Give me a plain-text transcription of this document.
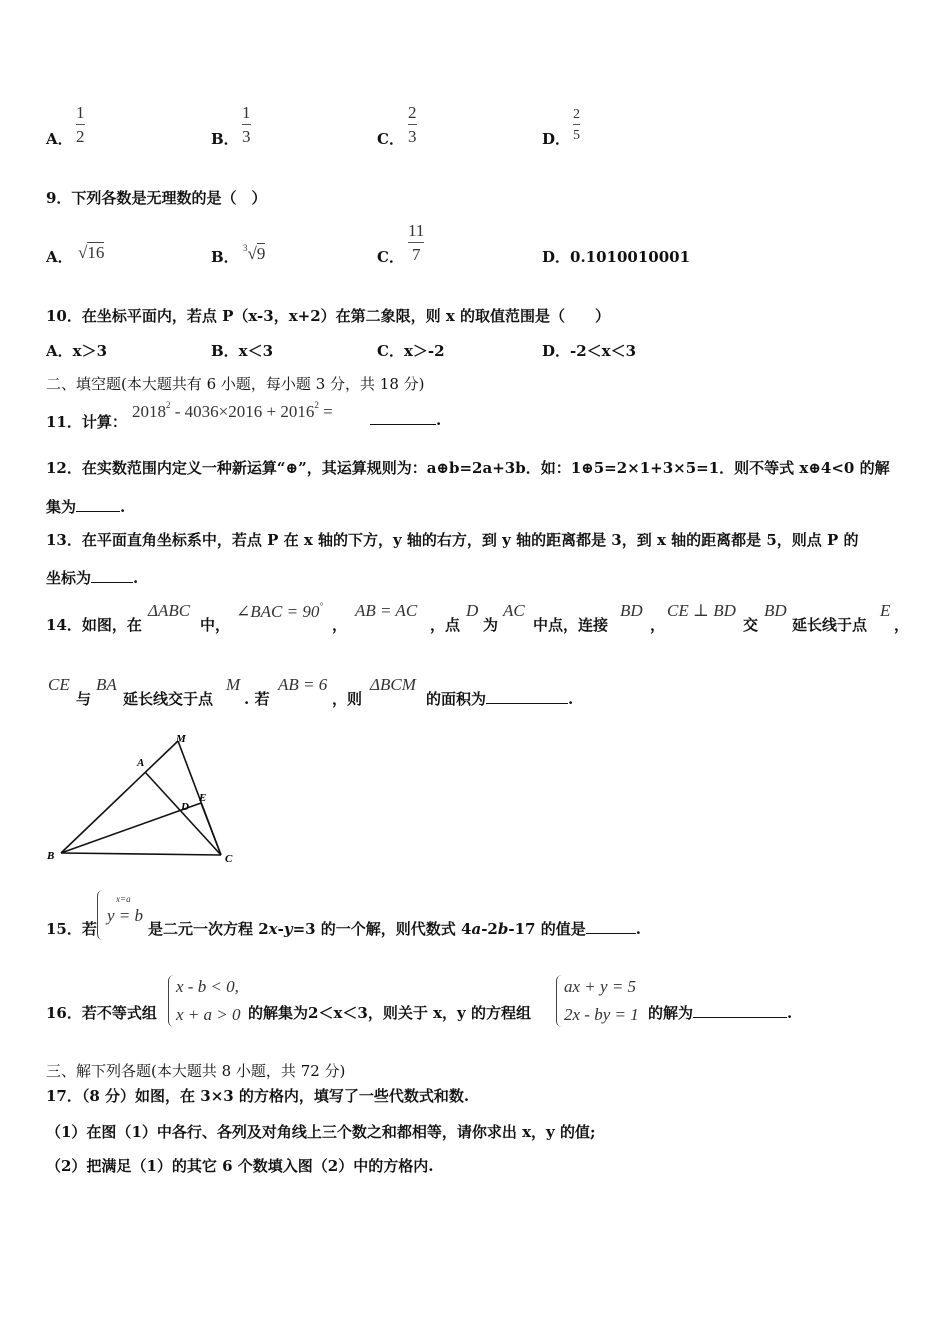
A．
1
2	B．
1
3	C．
2
3	D．
2
5
9．下列各数是无理数的是（　）
A． √16	B． $^3$√9	C．
11
7	D．0.1010010001
10．在坐标平面内，若点 P（x-3，x+2）在第二象限，则 x 的取值范围是（　　）
A．x＞3	B．x＜3	C．x＞-2	D．-2＜x＜3
二、填空题(本大题共有 6 小题，每小题 3 分，共 18 分)
11．计算：
$2018^2 - 4036\times 2016 + 2016^2$ =	.
12．在实数范围内定义一种新运算“⊕”，其运算规则为：a⊕b=2a+3b．如：1⊕5=2×1+3×5=1．则不等式 x⊕4<0 的解
集为	.
13．在平面直角坐标系中，若点 P 在 x 轴的下方，y 轴的右方，到 y 轴的距离都是 3，到 x 轴的距离都是 5，则点 P 的
坐标为	.
14．如图，在
ΔABC
中，
∠BAC = 90°
，
AB = AC
，点
D
为
AC
中点，连接
BD
，
CE ⊥ BD
交
BD
延长线于点
E
，
CE
与
BA
延长线交于点
M
. 若
AB = 6
，则
ΔBCM
的面积为	.
M
A
D
E
B	C
15．若
x=a
y = b
是二元一次方程 2x-y=3 的一个解，则代数式 4a-2b-17 的值是	.
16．若不等式组
x - b < 0,
x + a > 0 的解集为2＜x＜3，则关于 x，y 的方程组
ax + y = 5
2x - by = 1 的解为	.
三、解下列各题(本大题共 8 小题，共 72 分)
17．（8 分）如图，在 3×3 的方格内，填写了一些代数式和数.
（1）在图（1）中各行、各列及对角线上三个数之和都相等，请你求出 x，y 的值;
（2）把满足（1）的其它 6 个数填入图（2）中的方格内.
